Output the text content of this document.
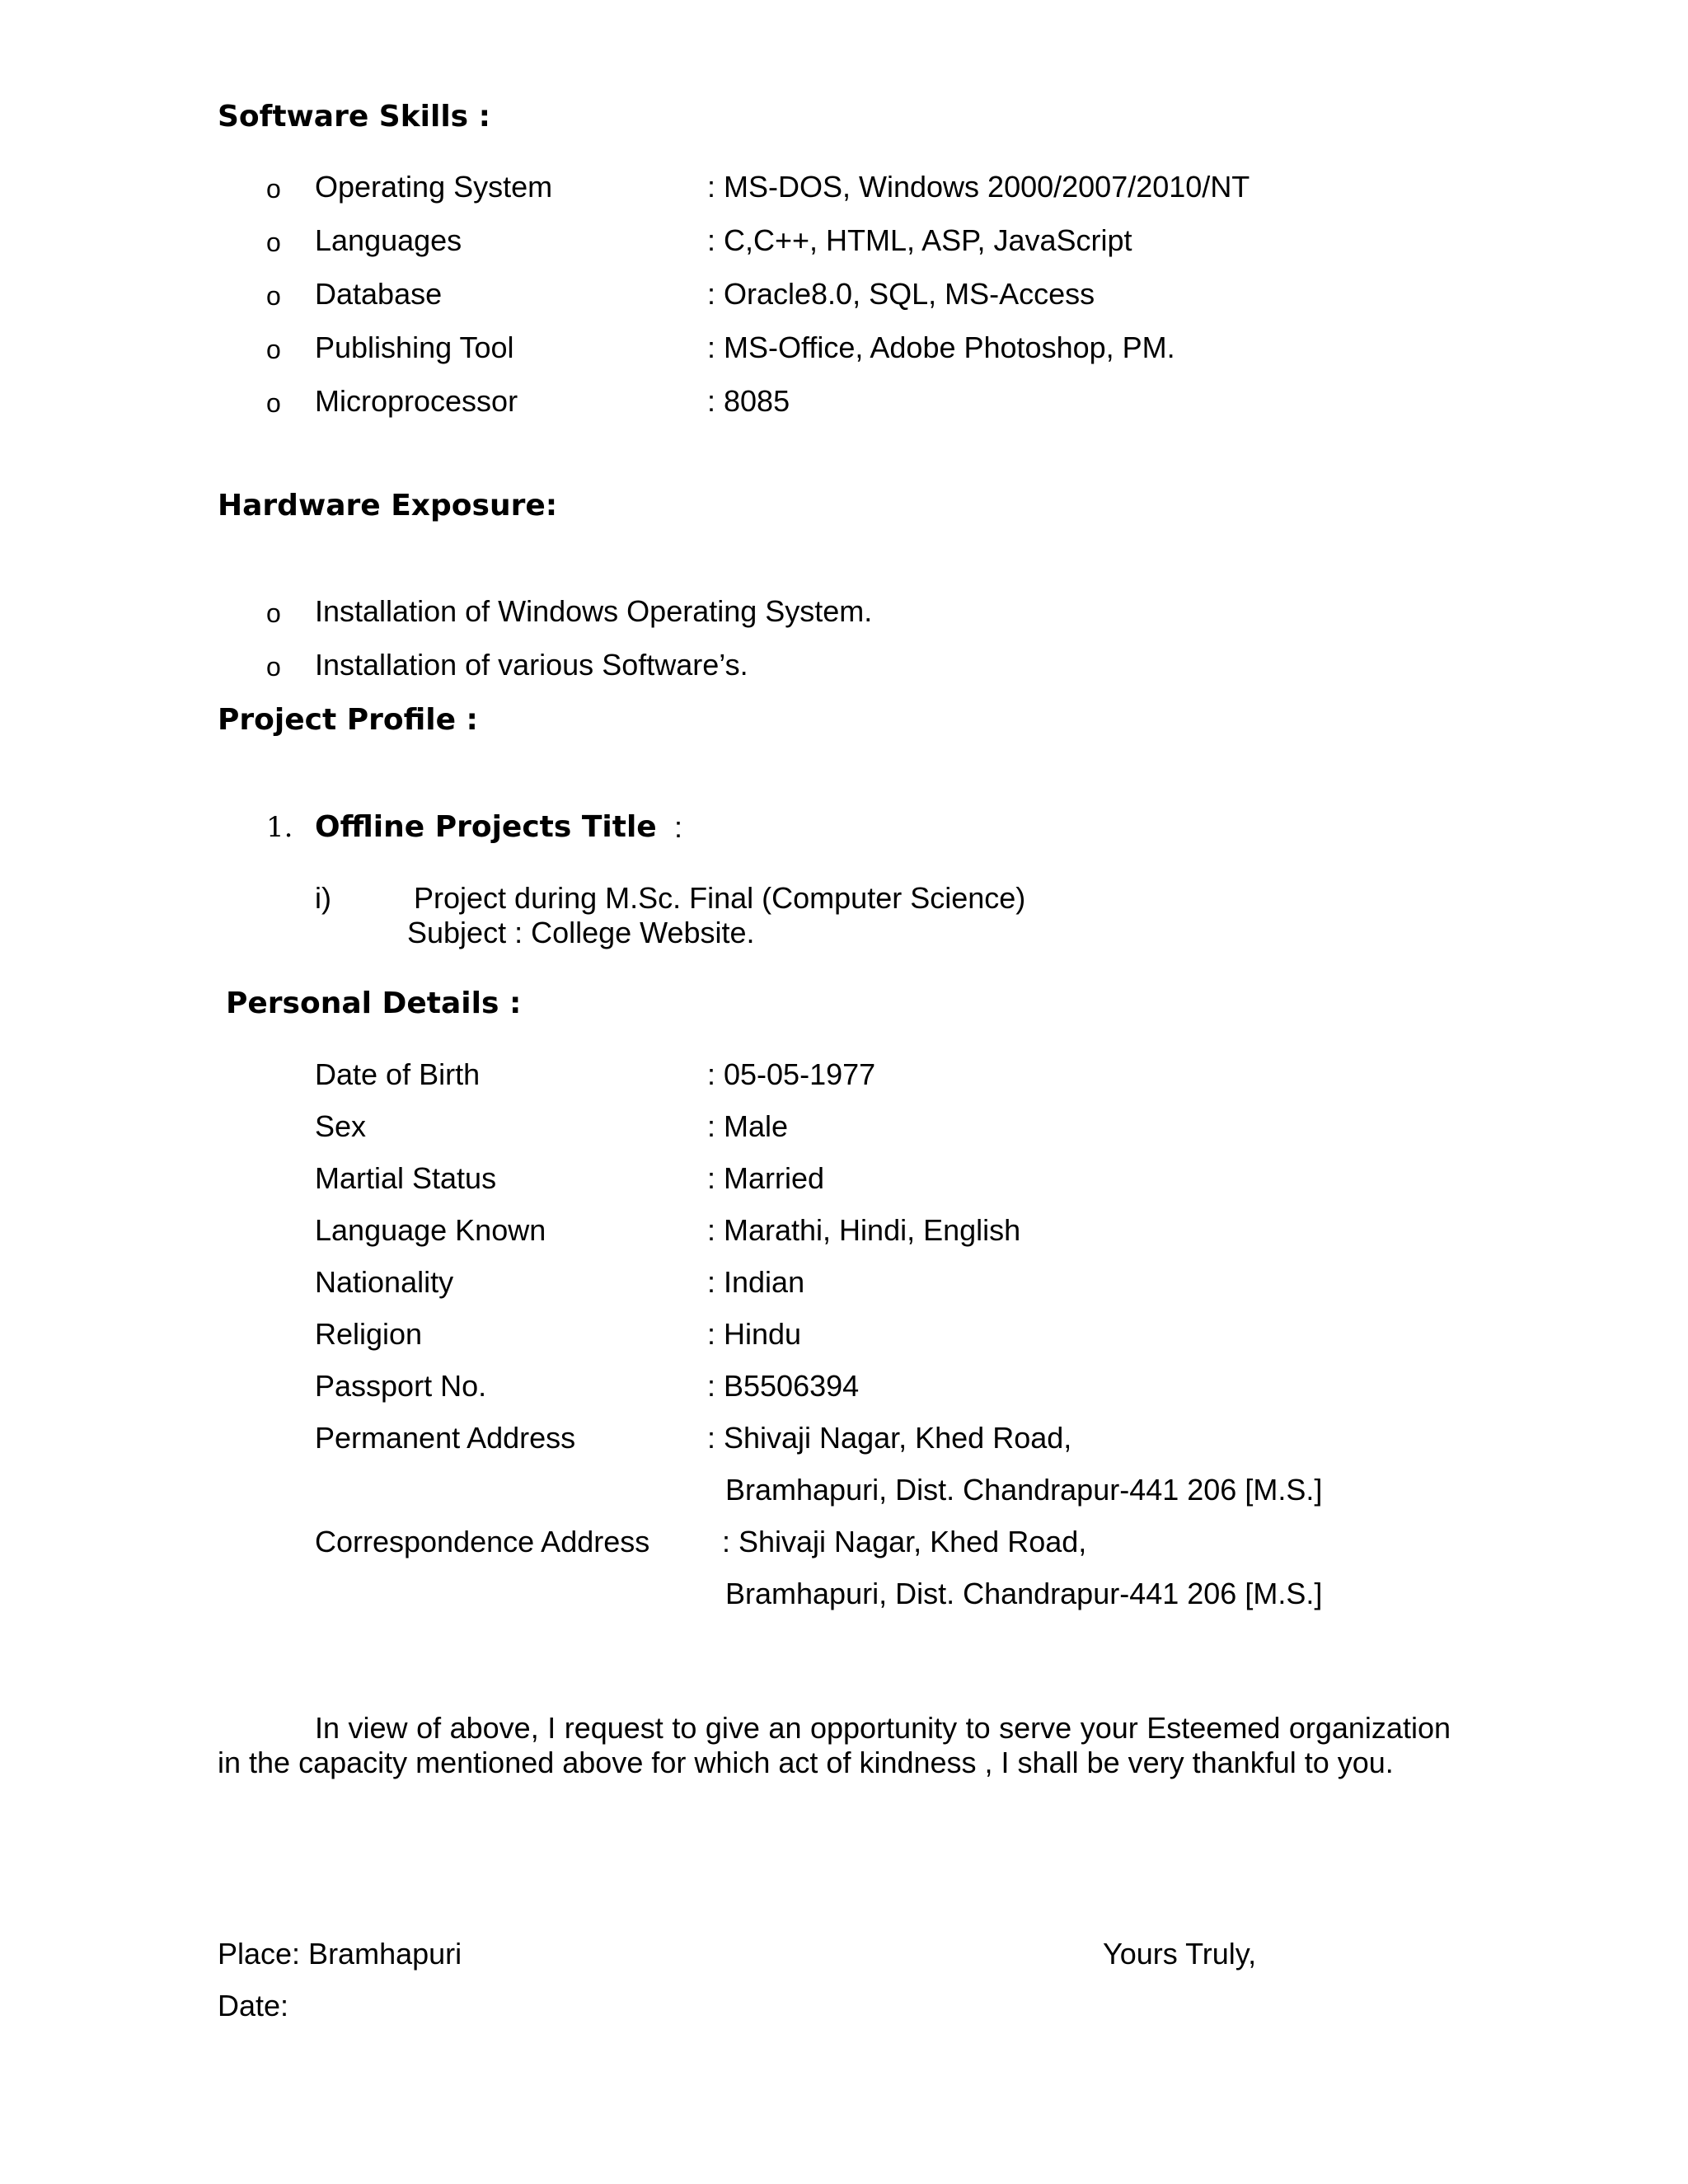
Software Skills :
o Operating System	: MS-DOS, Windows 2000/2007/2010/NT
o Languages	: C,C++, HTML, ASP, JavaScript
o Database	: Oracle8.0, SQL, MS-Access
o Publishing Tool	: MS-Office, Adobe Photoshop, PM.
o Microprocessor	: 8085
Hardware Exposure:
o Installation of Windows Operating System.
o Installation of various Software’s.
Project Profile :
1. Offline Projects Title :
i)	Project during M.Sc. Final (Computer Science)
Subject : College Website.
Personal Details :
Date of Birth	: 05-05-1977
Sex	: Male
Martial Status	: Married
Language Known	: Marathi, Hindi, English
Nationality	: Indian
Religion	: Hindu
Passport No.	: B5506394
Permanent Address	: Shivaji Nagar, Khed Road,
Bramhapuri, Dist. Chandrapur-441 206 [M.S.]
Correspondence Address : Shivaji Nagar, Khed Road,
Bramhapuri, Dist. Chandrapur-441 206 [M.S.]
In view of above, I request to give an opportunity to serve your Esteemed organization in the capacity mentioned above for which act of kindness , I shall be very thankful to you.
Place: Bramhapuri	Yours Truly,
Date:
